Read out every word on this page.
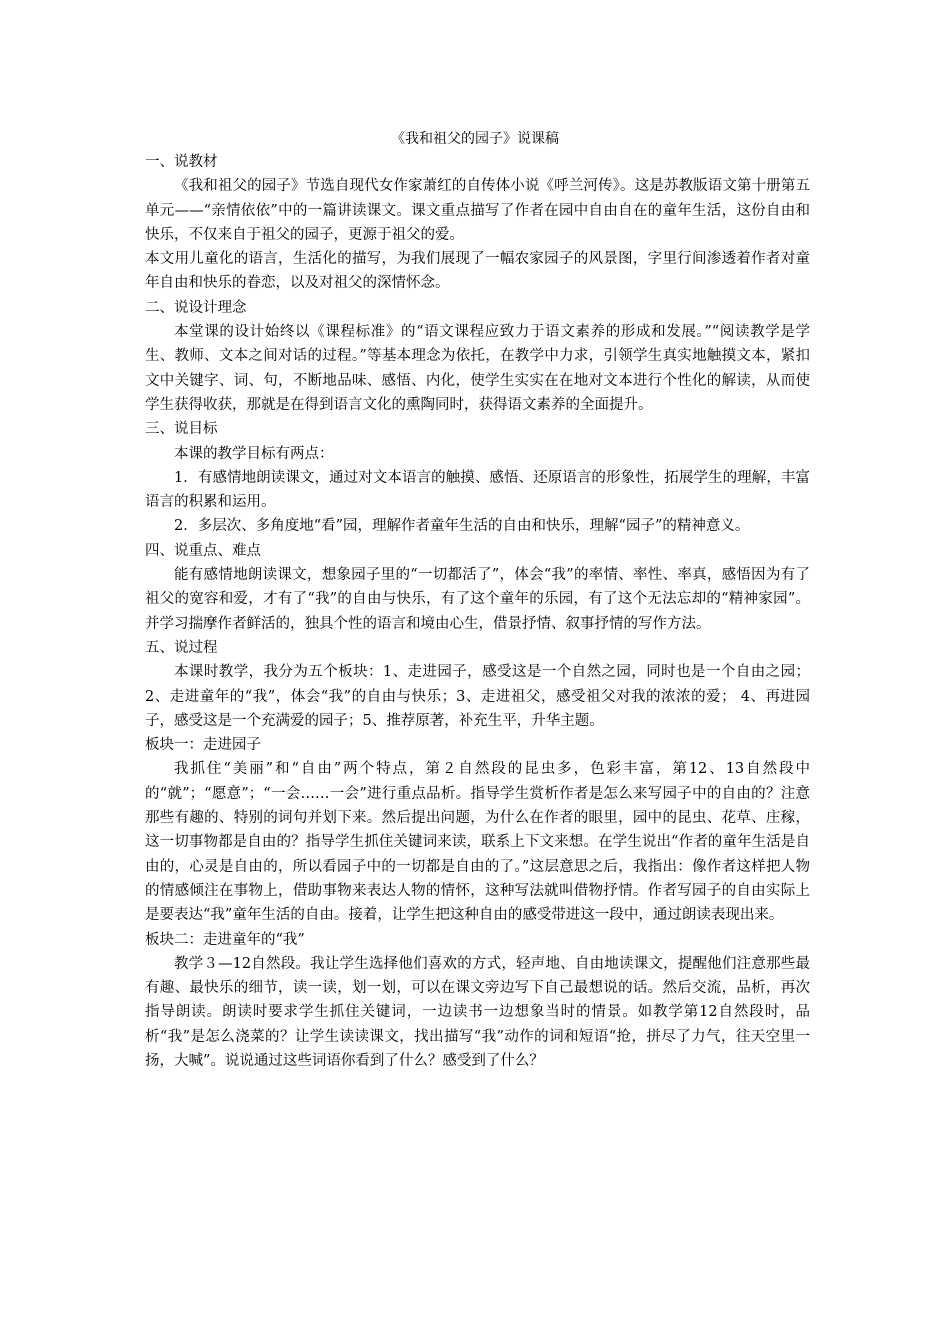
《我和祖父的园子》说课稿

一、说教材

《我和祖父的园子》节选自现代女作家萧红的自传体小说《呼兰河传》。这是苏教版语文第十册第五单元——“亲情依依”中的一篇讲读课文。课文重点描写了作者在园中自由自在的童年生活，这份自由和快乐，不仅来自于祖父的园子，更源于祖父的爱。

本文用儿童化的语言，生活化的描写，为我们展现了一幅农家园子的风景图，字里行间渗透着作者对童年自由和快乐的眷恋，以及对祖父的深情怀念。

二、说设计理念

本堂课的设计始终以《课程标准》的“语文课程应致力于语文素养的形成和发展。”“阅读教学是学生、教师、文本之间对话的过程。”等基本理念为依托，在教学中力求，引领学生真实地触摸文本，紧扣文中关键字、词、句，不断地品味、感悟、内化，使学生实实在在地对文本进行个性化的解读，从而使学生获得收获，那就是在得到语言文化的熏陶同时，获得语文素养的全面提升。

三、说目标

本课的教学目标有两点：

1．有感情地朗读课文，通过对文本语言的触摸、感悟、还原语言的形象性，拓展学生的理解，丰富语言的积累和运用。

2．多层次、多角度地“看”园，理解作者童年生活的自由和快乐，理解“园子”的精神意义。

四、说重点、难点

能有感情地朗读课文，想象园子里的“一切都活了”，体会“我”的率情、率性、率真，感悟因为有了祖父的宽容和爱，才有了“我”的自由与快乐，有了这个童年的乐园，有了这个无法忘却的“精神家园”。 并学习揣摩作者鲜活的，独具个性的语言和境由心生，借景抒情、叙事抒情的写作方法。

五、说过程

本课时教学，我分为五个板块：1、走进园子，感受这是一个自然之园，同时也是一个自由之园；2、走进童年的“我”，体会“我”的自由与快乐；3、走进祖父，感受祖父对我的浓浓的爱； 4、再进园子，感受这是一个充满爱的园子；5、推荐原著，补充生平，升华主题。

板块一：走进园子

我抓住“美丽”和“自由”两个特点，第２自然段的昆虫多，色彩丰富，第12、13自然段中的“就”；“愿意”；“一会……一会”进行重点品析。指导学生赏析作者是怎么来写园子中的自由的？注意那些有趣的、特别的词句并划下来。然后提出问题，为什么在作者的眼里，园中的昆虫、花草、庄稼，这一切事物都是自由的？指导学生抓住关键词来读，联系上下文来想。在学生说出“作者的童年生活是自由的，心灵是自由的，所以看园子中的一切都是自由的了。”这层意思之后，我指出：像作者这样把人物的情感倾注在事物上，借助事物来表达人物的情怀，这种写法就叫借物抒情。作者写园子的自由实际上是要表达“我”童年生活的自由。接着，让学生把这种自由的感受带进这一段中，通过朗读表现出来。

板块二：走进童年的“我”

教学３—12自然段。我让学生选择他们喜欢的方式，轻声地、自由地读课文，提醒他们注意那些最有趣、最快乐的细节，读一读，划一划，可以在课文旁边写下自己最想说的话。然后交流，品析，再次指导朗读。朗读时要求学生抓住关键词，一边读书一边想象当时的情景。如教学第12自然段时，品析“我”是怎么浇菜的？让学生读读课文，找出描写“我”动作的词和短语“抢，拼尽了力气，往天空里一扬，大喊”。说说通过这些词语你看到了什么？感受到了什么？
